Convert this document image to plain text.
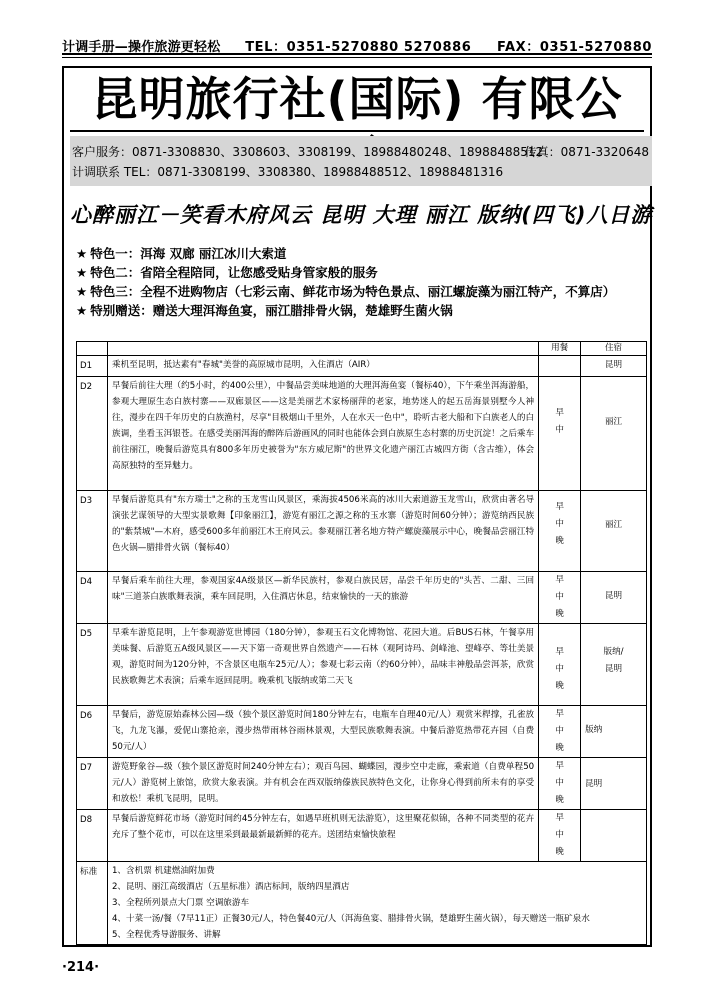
计调手册—操作旅游更轻松 TEL：0351-5270880 5270886 FAX：0351-5270880
昆明旅行社(国际) 有限公
客户服务：0871-3308830、3308603、3308199、18988480248、18988488512
传真：0871-3320648
计调联系 TEL：0871-3308199、3308380、18988488512、18988481316
心醉丽江－笑看木府风云 昆明 大理 丽江 版纳(四飞)八日游
★ 特色一：洱海 双廊 丽江冰川大索道
★ 特色二：省陪全程陪同，让您感受贴身管家般的服务
★ 特色三：全程不进购物店（七彩云南、鲜花市场为特色景点、丽江螺旋藻为丽江特产，不算店）
★ 特别赠送：赠送大理洱海鱼宴，丽江腊排骨火锅，楚雄野生菌火锅
		用餐	住宿
D1	乘机至昆明，抵达素有"春城"美誉的高原城市昆明，入住酒店（AIR）		昆明
D2	早餐后前往大理（约5小时，约400公里），中餐品尝美味地道的大理洱海鱼宴（餐标40），下午乘坐洱海游船，参观大理原生态白族村寨——双廊景区——这是美丽艺术家杨丽萍的老家，地势迷人的起五岳海景别墅今人神往，漫步在四千年历史的白族渔村，尽享"目极烟山千里外，人在水天一色中"，聆听古老大船和下白族老人的白族调，坐看玉洱银苍。在感受美丽洱海的醉阵后游画风的同时也能体会到白族原生态村寨的历史沉淀！之后乘车前往丽江，晚餐后游览具有800多年历史被誉为"东方威尼斯"的世界文化遗产丽江古城四方街（含古维），体会高原独特的至异魅力。	早
中	丽江
D3	早餐后游览具有"东方瑞士"之称的玉龙雪山风景区，乘海拔4506米高的冰川大索道游玉龙雪山，欣赏由著名导演张艺谋领导的大型实景歌舞【印象丽江】，游览有丽江之源之称的玉水寨（游览时间60分钟）；游览纳西民族的"紫禁城"—木府，感受600多年前丽江木王府风云。参观丽江著名地方特产螺旋藻展示中心，晚餐品尝丽江特色火锅—腊排骨火锅（餐标40）	早
中
晚	丽江
D4	早餐后乘车前往大理，参观国家4A级景区—新华民族村，参观白族民居，品尝千年历史的"头苦、二甜、三回味"三道茶白族歌舞表演，乘车回昆明，入住酒店休息，结束愉快的一天的旅游	早
中
晚	昆明
D5	早乘车游览昆明，上午参观游览世博园（180分钟），参观玉石文化博物馆、花园大道。后BUS石林，午餐享用美味餐、后游览五A级风景区——天下第一奇观世界自然遗产——石林（观阿诗玛、剑峰池、望峰亭、等壮美景观，游览时间为120分钟，不含景区电瓶车25元/人）；参观七彩云南（约60分钟），品味丰神般品尝洱茶，欣赏民族歌舞艺术表演；后乘车返回昆明。晚乘机飞版纳或第二天飞	早
中
晚	版纳/
昆明
D6	早餐后，游览原始森林公园—级（独个景区游览时间180分钟左右，电瓶车自理40元/人）观赏米桿撑，孔雀放飞，九龙飞瀑，爱伲山寨抢亲，漫步热带雨林谷雨林景观，大型民族歌舞表演。中餐后游览热带花卉园（自费50元/人）	早
中
晚	版纳
D7	游览野象谷—级（独个景区游览时间240分钟左右）；观百鸟园、蝴蝶园，漫步空中走廊，乘索道（自费单程50元/人）游览树上旅馆，欣赏大象表演。并有机会在西双版纳傣族民族特色文化，让你身心得到前所未有的享受和放松！乘机飞昆明，昆明。	早
中
晚	昆明
D8	早餐后游览鲜花市场（游览时间约45分钟左右，如遇早班机则无法游览），这里聚花似锦，各种不同类型的花卉充斥了整个花市，可以在这里采到最最新最新鲜的花卉。送团结束愉快旅程	早
中
晚	
标准	1、含机票 机建燃油附加费
2、昆明、丽江高级酒店（五星标准）酒店标间，版纳四星酒店
3、全程所列景点大门票 空调旅游车
4、十菜一汤/餐（7早11正）正餐30元/人，特色餐40元/人（洱海鱼宴、腊排骨火锅，楚雄野生菌火锅），每天赠送一瓶矿泉水
5、全程优秀导游服务、讲解		
·214·
